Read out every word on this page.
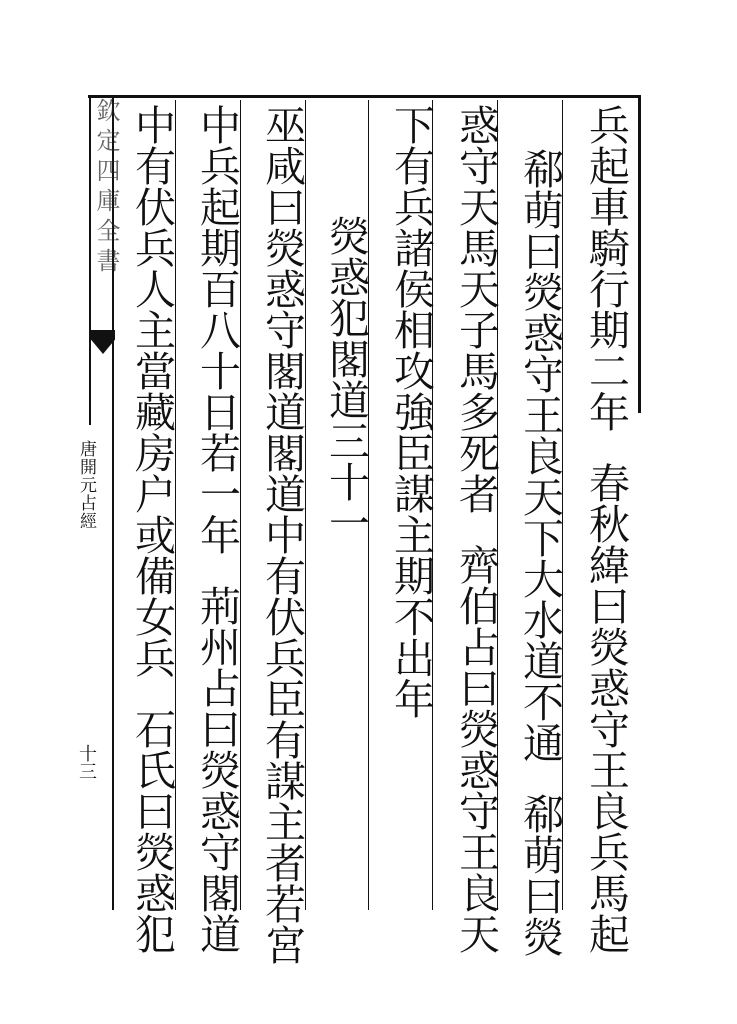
欽定四庫全書
唐開元占經
十三
兵起車騎行期二年春秋緯曰熒惑守王良兵馬起
郗萌曰熒惑守王良天下大水道不通郗萌曰熒
惑守天馬天子馬多死者齊伯占曰熒惑守王良天
下有兵諸侯相攻強臣謀主期不出年
熒惑犯閣道三十一
巫咸曰熒惑守閣道閣道中有伏兵臣有謀主者若宮
中兵起期百八十日若一年荊州占曰熒惑守閣道
中有伏兵人主當藏房户或備女兵石氏曰熒惑犯
